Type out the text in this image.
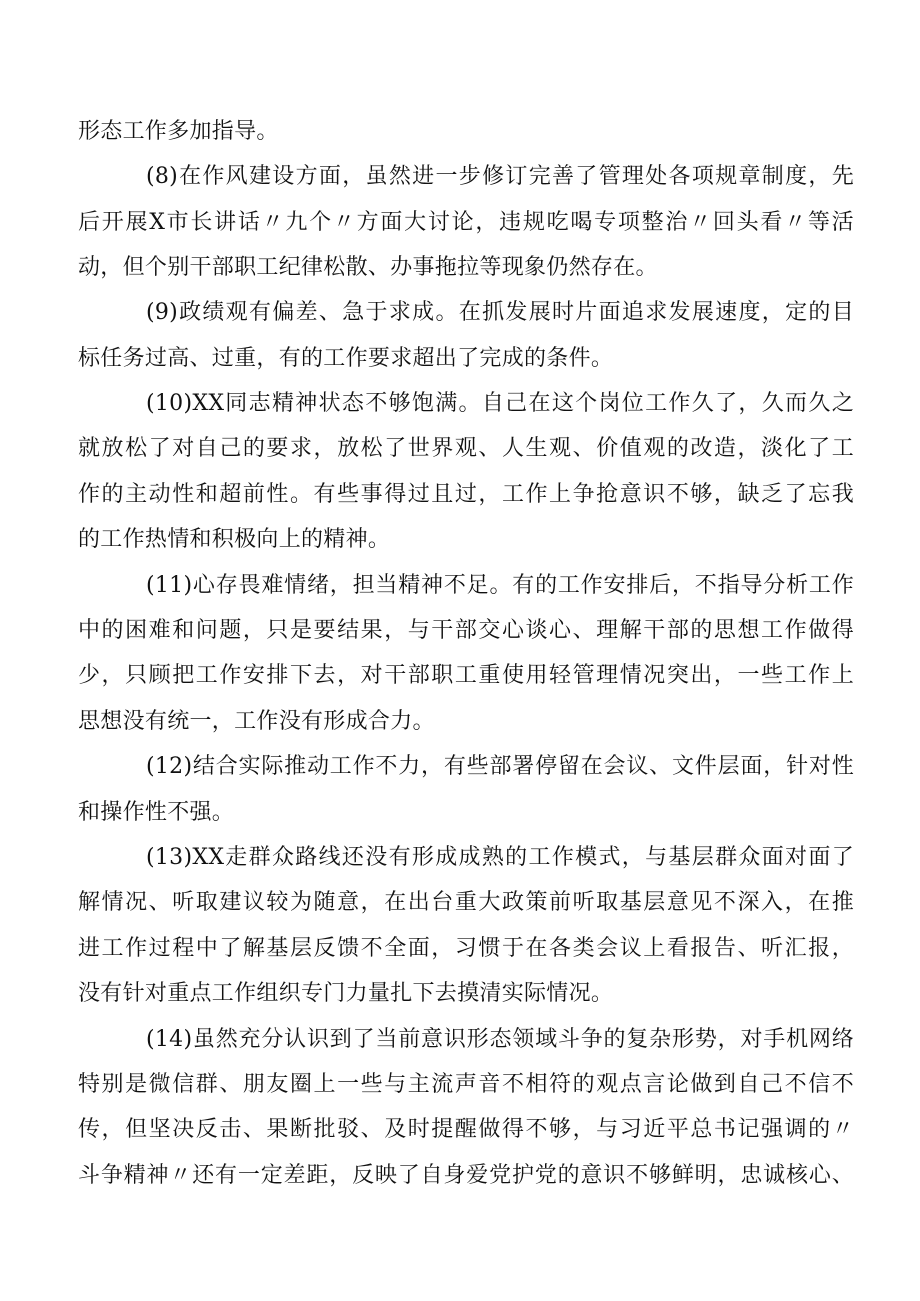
形态工作多加指导。
(8)在作风建设方面，虽然进一步修订完善了管理处各项规章制度，先
后开展X市长讲话〃九个〃方面大讨论，违规吃喝专项整治〃回头看〃等活
动，但个别干部职工纪律松散、办事拖拉等现象仍然存在。
(9)政绩观有偏差、急于求成。在抓发展时片面追求发展速度，定的目
标任务过高、过重，有的工作要求超出了完成的条件。
(10)XX同志精神状态不够饱满。自己在这个岗位工作久了，久而久之
就放松了对自己的要求，放松了世界观、人生观、价值观的改造，淡化了工
作的主动性和超前性。有些事得过且过，工作上争抢意识不够，缺乏了忘我
的工作热情和积极向上的精神。
(11)心存畏难情绪，担当精神不足。有的工作安排后，不指导分析工作
中的困难和问题，只是要结果，与干部交心谈心、理解干部的思想工作做得
少，只顾把工作安排下去，对干部职工重使用轻管理情况突出，一些工作上
思想没有统一，工作没有形成合力。
(12)结合实际推动工作不力，有些部署停留在会议、文件层面，针对性
和操作性不强。
(13)XX走群众路线还没有形成成熟的工作模式，与基层群众面对面了
解情况、听取建议较为随意，在出台重大政策前听取基层意见不深入，在推
进工作过程中了解基层反馈不全面，习惯于在各类会议上看报告、听汇报，
没有针对重点工作组织专门力量扎下去摸清实际情况。
(14)虽然充分认识到了当前意识形态领域斗争的复杂形势，对手机网络
特别是微信群、朋友圈上一些与主流声音不相符的观点言论做到自己不信不
传，但坚决反击、果断批驳、及时提醒做得不够，与习近平总书记强调的〃
斗争精神〃还有一定差距，反映了自身爱党护党的意识不够鲜明，忠诚核心、
